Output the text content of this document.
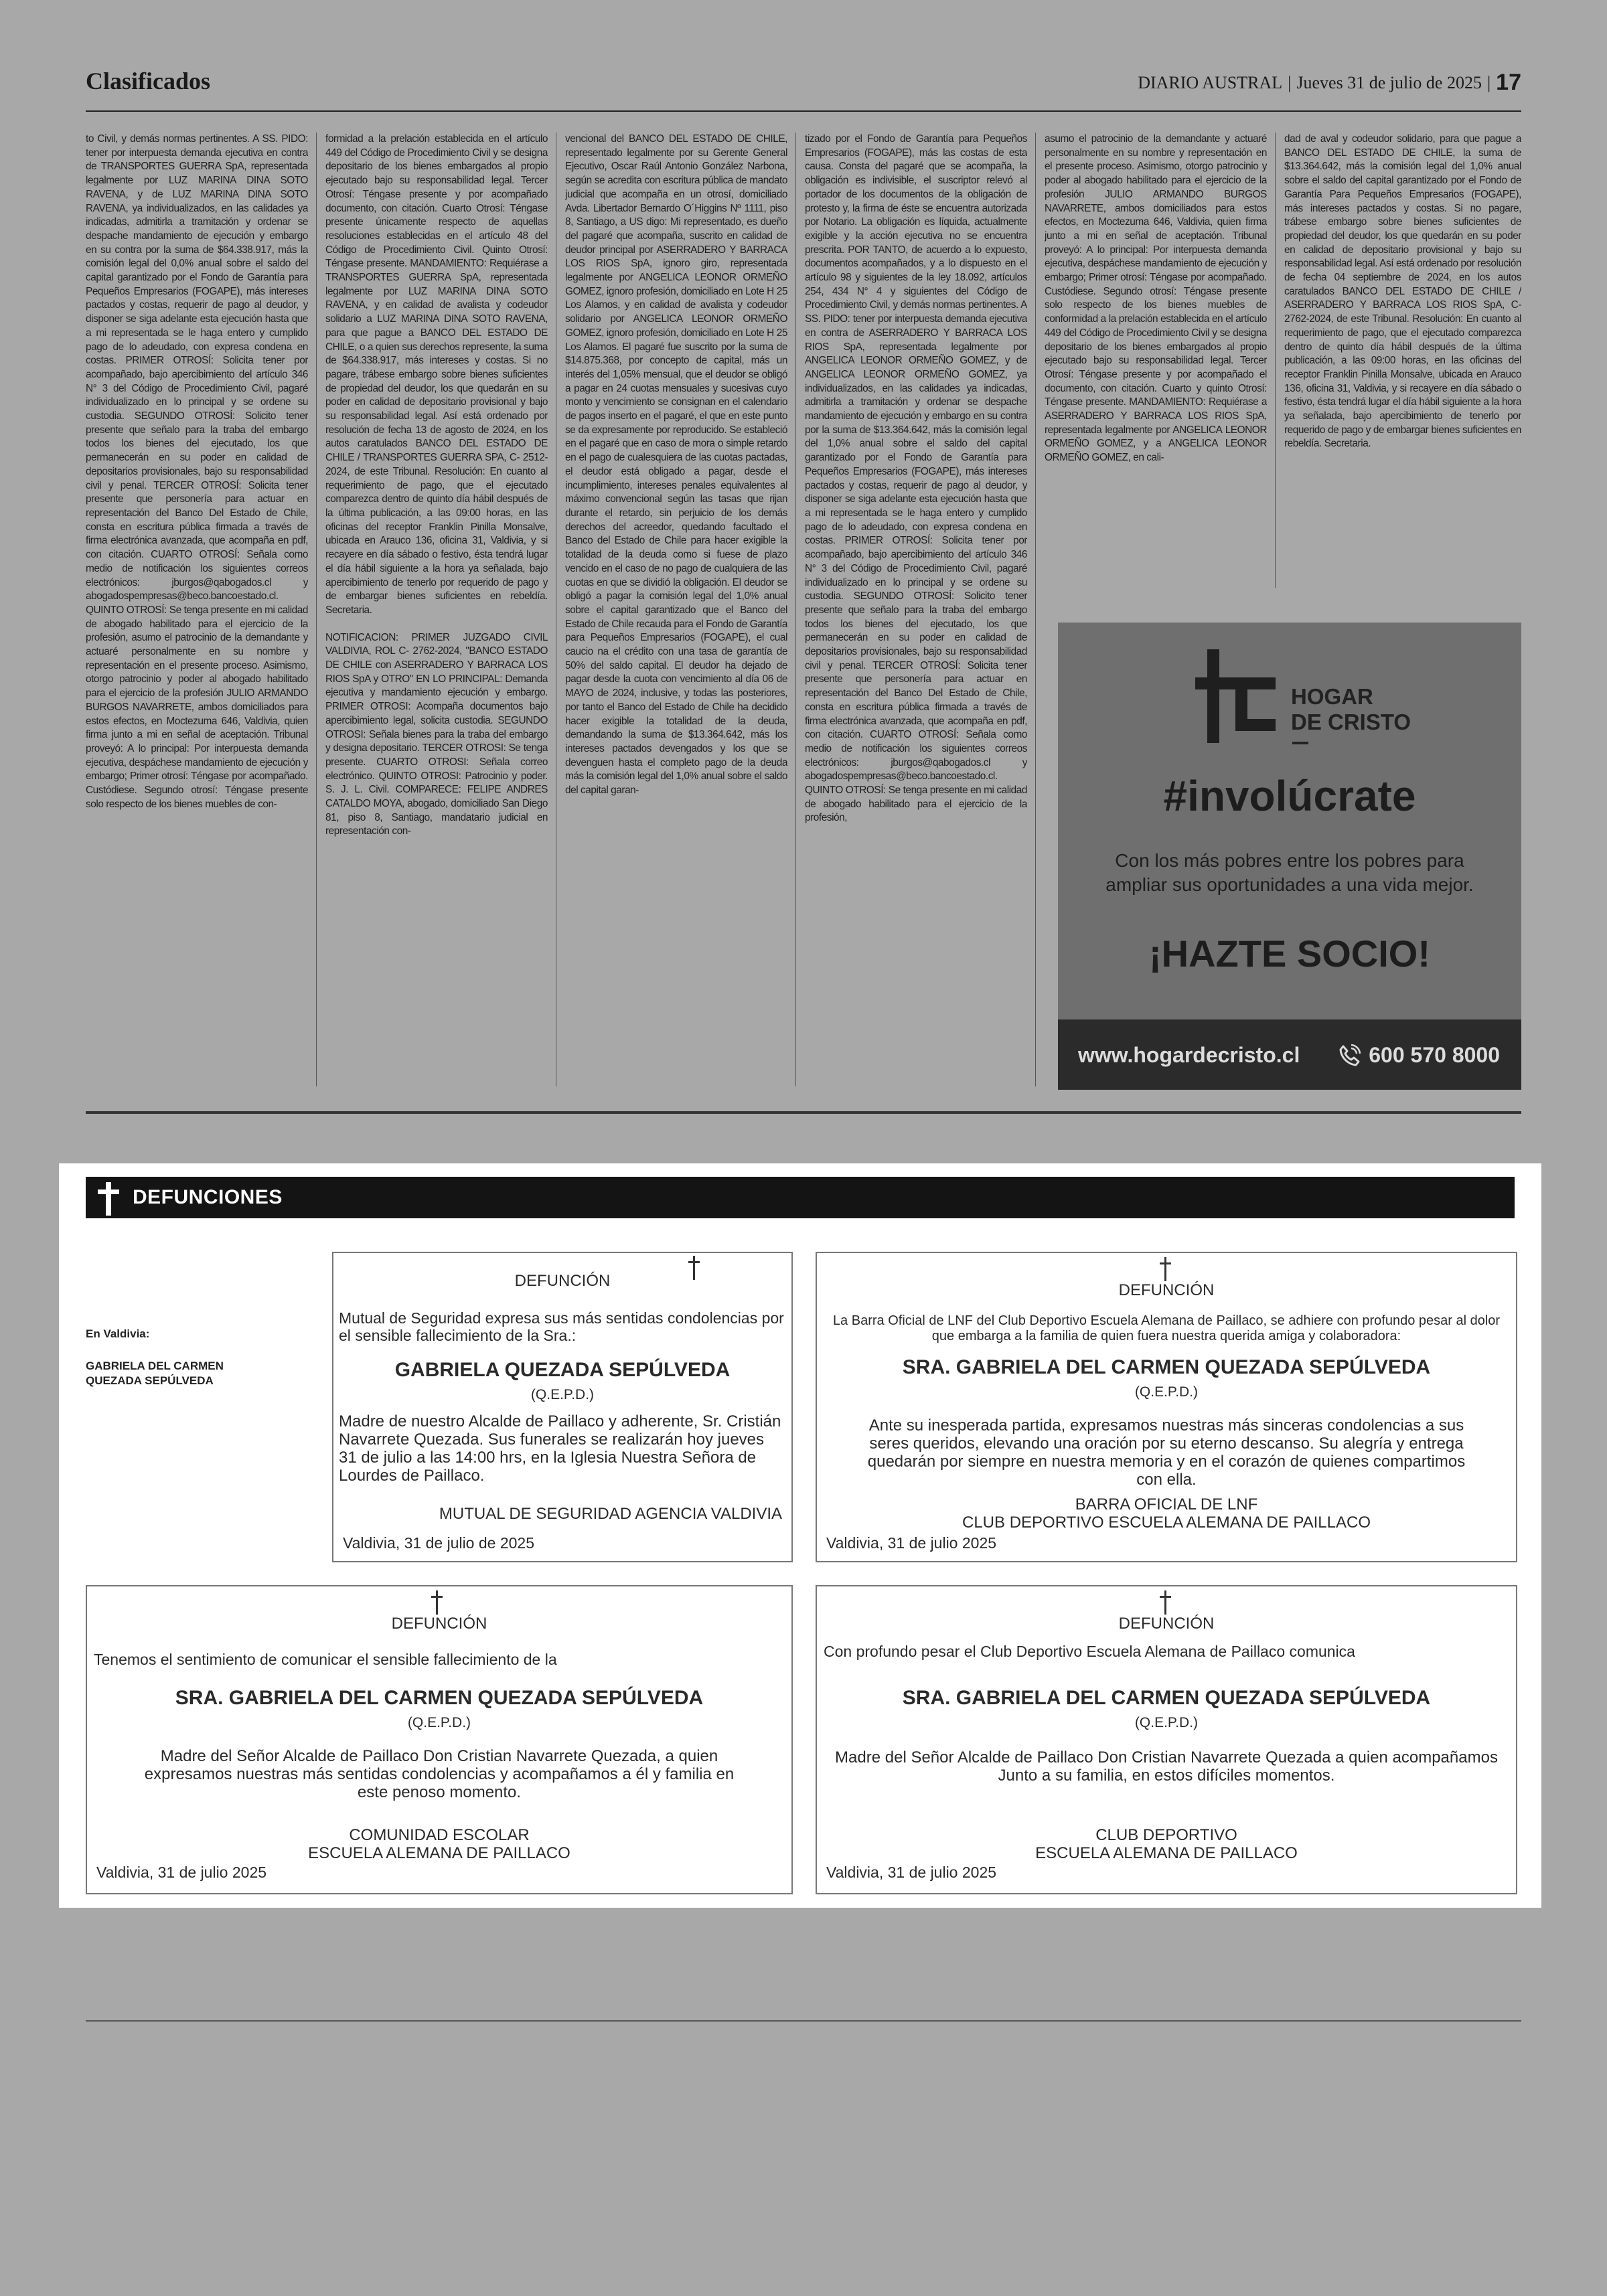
Clasificados	DIARIO AUSTRAL | Jueves 31 de julio de 2025 | 17

to Civil, y demás normas pertinentes. A SS. PIDO: tener por interpuesta demanda ejecutiva en contra de TRANSPORTES GUERRA SpA, representada legalmente por LUZ MARINA DINA SOTO RAVENA, y de LUZ MARINA DINA SOTO RAVENA, ya individualizados, en las calidades ya indicadas, admitirla a tramitación y ordenar se despache mandamiento de ejecución y embargo en su contra por la suma de $64.338.917, más la comisión legal del 0,0% anual sobre el saldo del capital garantizado por el Fondo de Garantía para Pequeños Empresarios (FOGAPE), más intereses pactados y costas, requerir de pago al deudor, y disponer se siga adelante esta ejecución hasta que a mi representada se le haga entero y cumplido pago de lo adeudado, con expresa condena en costas. PRIMER OTROSÍ: Solicita tener por acompañado, bajo apercibimiento del artículo 346 N° 3 del Código de Procedimiento Civil, pagaré individualizado en lo principal y se ordene su custodia. SEGUNDO OTROSÍ: Solicito tener presente que señalo para la traba del embargo todos los bienes del ejecutado, los que permanecerán en su poder en calidad de depositarios provisionales, bajo su responsabilidad civil y penal. TERCER OTROSÍ: Solicita tener presente que personería para actuar en representación del Banco Del Estado de Chile, consta en escritura pública firmada a través de firma electrónica avanzada, que acompaña en pdf, con citación. CUARTO OTROSÍ: Señala como medio de notificación los siguientes correos electrónicos: jburgos@qabogados.cl y abogadospempresas@beco.bancoestado.cl. QUINTO OTROSÍ: Se tenga presente en mi calidad de abogado habilitado para el ejercicio de la profesión, asumo el patrocinio de la demandante y actuaré personalmente en su nombre y representación en el presente proceso. Asimismo, otorgo patrocinio y poder al abogado habilitado para el ejercicio de la profesión JULIO ARMANDO BURGOS NAVARRETE, ambos domiciliados para estos efectos, en Moctezuma 646, Valdivia, quien firma junto a mi en señal de aceptación. Tribunal proveyó: A lo principal: Por interpuesta demanda ejecutiva, despáchese mandamiento de ejecución y embargo; Primer otrosí: Téngase por acompañado. Custódiese. Segundo otrosí: Téngase presente solo respecto de los bienes muebles de con-

formidad a la prelación establecida en el artículo 449 del Código de Procedimiento Civil y se designa depositario de los bienes embargados al propio ejecutado bajo su responsabilidad legal. Tercer Otrosí: Téngase presente y por acompañado documento, con citación. Cuarto Otrosí: Téngase presente únicamente respecto de aquellas resoluciones establecidas en el artículo 48 del Código de Procedimiento Civil. Quinto Otrosí: Téngase presente. MANDAMIENTO: Requiérase a TRANSPORTES GUERRA SpA, representada legalmente por LUZ MARINA DINA SOTO RAVENA, y en calidad de avalista y codeudor solidario a LUZ MARINA DINA SOTO RAVENA, para que pague a BANCO DEL ESTADO DE CHILE, o a quien sus derechos represente, la suma de $64.338.917, más intereses y costas. Si no pagare, trábese embargo sobre bienes suficientes de propiedad del deudor, los que quedarán en su poder en calidad de depositario provisional y bajo su responsabilidad legal. Así está ordenado por resolución de fecha 13 de agosto de 2024, en los autos caratulados BANCO DEL ESTADO DE CHILE / TRANSPORTES GUERRA SPA, C- 2512-2024, de este Tribunal. Resolución: En cuanto al requerimiento de pago, que el ejecutado comparezca dentro de quinto día hábil después de la última publicación, a las 09:00 horas, en las oficinas del receptor Franklin Pinilla Monsalve, ubicada en Arauco 136, oficina 31, Valdivia, y si recayere en día sábado o festivo, ésta tendrá lugar el día hábil siguiente a la hora ya señalada, bajo apercibimiento de tenerlo por requerido de pago y de embargar bienes suficientes en rebeldía. Secretaria.

NOTIFICACION: PRIMER JUZGADO CIVIL VALDIVIA, ROL C- 2762-2024, "BANCO ESTADO DE CHILE con ASERRADERO Y BARRACA LOS RIOS SpA y OTRO" EN LO PRINCIPAL: Demanda ejecutiva y mandamiento ejecución y embargo. PRIMER OTROSI: Acompaña documentos bajo apercibimiento legal, solicita custodia. SEGUNDO OTROSI: Señala bienes para la traba del embargo y designa depositario. TERCER OTROSI: Se tenga presente. CUARTO OTROSI: Señala correo electrónico. QUINTO OTROSI: Patrocinio y poder. S. J. L. Civil. COMPARECE: FELIPE ANDRES CATALDO MOYA, abogado, domiciliado San Diego 81, piso 8, Santiago, mandatario judicial en representación con-

vencional del BANCO DEL ESTADO DE CHILE, representado legalmente por su Gerente General Ejecutivo, Oscar Raúl Antonio González Narbona, según se acredita con escritura pública de mandato judicial que acompaña en un otrosí, domiciliado Avda. Libertador Bernardo O´Higgins Nº 1111, piso 8, Santiago, a US digo: Mi representado, es dueño del pagaré que acompaña, suscrito en calidad de deudor principal por ASERRADERO Y BARRACA LOS RIOS SpA, ignoro giro, representada legalmente por ANGELICA LEONOR ORMEÑO GOMEZ, ignoro profesión, domiciliado en Lote H 25 Los Alamos, y en calidad de avalista y codeudor solidario por ANGELICA LEONOR ORMEÑO GOMEZ, ignoro profesión, domiciliado en Lote H 25 Los Alamos. El pagaré fue suscrito por la suma de $14.875.368, por concepto de capital, más un interés del 1,05% mensual, que el deudor se obligó a pagar en 24 cuotas mensuales y sucesivas cuyo monto y vencimiento se consignan en el calendario de pagos inserto en el pagaré, el que en este punto se da expresamente por reproducido. Se estableció en el pagaré que en caso de mora o simple retardo en el pago de cualesquiera de las cuotas pactadas, el deudor está obligado a pagar, desde el incumplimiento, intereses penales equivalentes al máximo convencional según las tasas que rijan durante el retardo, sin perjuicio de los demás derechos del acreedor, quedando facultado el Banco del Estado de Chile para hacer exigible la totalidad de la deuda como si fuese de plazo vencido en el caso de no pago de cualquiera de las cuotas en que se dividió la obligación. El deudor se obligó a pagar la comisión legal del 1,0% anual sobre el capital garantizado que el Banco del Estado de Chile recauda para el Fondo de Garantía para Pequeños Empresarios (FOGAPE), el cual caucio na el crédito con una tasa de garantía de 50% del saldo capital. El deudor ha dejado de pagar desde la cuota con vencimiento al día 06 de MAYO de 2024, inclusive, y todas las posteriores, por tanto el Banco del Estado de Chile ha decidido hacer exigible la totalidad de la deuda, demandando la suma de $13.364.642, más los intereses pactados devengados y los que se devenguen hasta el completo pago de la deuda más la comisión legal del 1,0% anual sobre el saldo del capital garan-

tizado por el Fondo de Garantía para Pequeños Empresarios (FOGAPE), más las costas de esta causa. Consta del pagaré que se acompaña, la obligación es indivisible, el suscriptor relevó al portador de los documentos de la obligación de protesto y, la firma de éste se encuentra autorizada por Notario. La obligación es líquida, actualmente exigible y la acción ejecutiva no se encuentra prescrita. POR TANTO, de acuerdo a lo expuesto, documentos acompañados, y a lo dispuesto en el artículo 98 y siguientes de la ley 18.092, artículos 254, 434 N° 4 y siguientes del Código de Procedimiento Civil, y demás normas pertinentes. A SS. PIDO: tener por interpuesta demanda ejecutiva en contra de ASERRADERO Y BARRACA LOS RIOS SpA, representada legalmente por ANGELICA LEONOR ORMEÑO GOMEZ, y de ANGELICA LEONOR ORMEÑO GOMEZ, ya individualizados, en las calidades ya indicadas, admitirla a tramitación y ordenar se despache mandamiento de ejecución y embargo en su contra por la suma de $13.364.642, más la comisión legal del 1,0% anual sobre el saldo del capital garantizado por el Fondo de Garantía para Pequeños Empresarios (FOGAPE), más intereses pactados y costas, requerir de pago al deudor, y disponer se siga adelante esta ejecución hasta que a mi representada se le haga entero y cumplido pago de lo adeudado, con expresa condena en costas. PRIMER OTROSÍ: Solicita tener por acompañado, bajo apercibimiento del artículo 346 N° 3 del Código de Procedimiento Civil, pagaré individualizado en lo principal y se ordene su custodia. SEGUNDO OTROSÍ: Solicito tener presente que señalo para la traba del embargo todos los bienes del ejecutado, los que permanecerán en su poder en calidad de depositarios provisionales, bajo su responsabilidad civil y penal. TERCER OTROSÍ: Solicita tener presente que personería para actuar en representación del Banco Del Estado de Chile, consta en escritura pública firmada a través de firma electrónica avanzada, que acompaña en pdf, con citación. CUARTO OTROSÍ: Señala como medio de notificación los siguientes correos electrónicos: jburgos@qabogados.cl y abogadospempresas@beco.bancoestado.cl. QUINTO OTROSÍ: Se tenga presente en mi calidad de abogado habilitado para el ejercicio de la profesión,

asumo el patrocinio de la demandante y actuaré personalmente en su nombre y representación en el presente proceso. Asimismo, otorgo patrocinio y poder al abogado habilitado para el ejercicio de la profesión JULIO ARMANDO BURGOS NAVARRETE, ambos domiciliados para estos efectos, en Moctezuma 646, Valdivia, quien firma junto a mi en señal de aceptación. Tribunal proveyó: A lo principal: Por interpuesta demanda ejecutiva, despáchese mandamiento de ejecución y embargo; Primer otrosí: Téngase por acompañado. Custódiese. Segundo otrosí: Téngase presente solo respecto de los bienes muebles de conformidad a la prelación establecida en el artículo 449 del Código de Procedimiento Civil y se designa depositario de los bienes embargados al propio ejecutado bajo su responsabilidad legal. Tercer Otrosí: Téngase presente y por acompañado el documento, con citación. Cuarto y quinto Otrosí: Téngase presente. MANDAMIENTO: Requiérase a ASERRADERO Y BARRACA LOS RIOS SpA, representada legalmente por ANGELICA LEONOR ORMEÑO GOMEZ, y a ANGELICA LEONOR ORMEÑO GOMEZ, en cali-

dad de aval y codeudor solidario, para que pague a BANCO DEL ESTADO DE CHILE, la suma de $13.364.642, más la comisión legal del 1,0% anual sobre el saldo del capital garantizado por el Fondo de Garantía Para Pequeños Empresarios (FOGAPE), más intereses pactados y costas. Si no pagare, trábese embargo sobre bienes suficientes de propiedad del deudor, los que quedarán en su poder en calidad de depositario provisional y bajo su responsabilidad legal. Así está ordenado por resolución de fecha 04 septiembre de 2024, en los autos caratulados BANCO DEL ESTADO DE CHILE / ASERRADERO Y BARRACA LOS RIOS SpA, C-2762-2024, de este Tribunal. Resolución: En cuanto al requerimiento de pago, que el ejecutado comparezca dentro de quinto día hábil después de la última publicación, a las 09:00 horas, en las oficinas del receptor Franklin Pinilla Monsalve, ubicada en Arauco 136, oficina 31, Valdivia, y si recayere en día sábado o festivo, ésta tendrá lugar el día hábil siguiente a la hora ya señalada, bajo apercibimiento de tenerlo por requerido de pago y de embargar bienes suficientes en rebeldía. Secretaria.

HOGAR
DE CRISTO
#involúcrate
Con los más pobres entre los pobres para ampliar sus oportunidades a una vida mejor.
¡HAZTE SOCIO!
www.hogardecristo.cl	600 570 8000
DEFUNCIONES
En Valdivia:
GABRIELA DEL CARMEN
QUEZADA SEPÚLVEDA
DEFUNCIÓN
Mutual de Seguridad expresa sus más sentidas condolencias por el sensible fallecimiento de la Sra.:
GABRIELA QUEZADA SEPÚLVEDA
(Q.E.P.D.)
Madre de nuestro Alcalde de Paillaco y adherente, Sr. Cristián Navarrete Quezada. Sus funerales se realizarán hoy jueves 31 de julio a las 14:00 hrs, en la Iglesia Nuestra Señora de Lourdes de Paillaco.
MUTUAL DE SEGURIDAD AGENCIA VALDIVIA
Valdivia, 31 de julio de 2025
DEFUNCIÓN
La Barra Oficial de LNF del Club Deportivo Escuela Alemana de Paillaco, se adhiere con profundo pesar al dolor que embarga a la familia de quien fuera nuestra querida amiga y colaboradora:
SRA. GABRIELA DEL CARMEN QUEZADA SEPÚLVEDA
(Q.E.P.D.)
Ante su inesperada partida, expresamos nuestras más sinceras condolencias a sus seres queridos, elevando una oración por su eterno descanso. Su alegría y entrega quedarán por siempre en nuestra memoria y en el corazón de quienes compartimos con ella.
BARRA OFICIAL DE LNF
CLUB DEPORTIVO ESCUELA ALEMANA DE PAILLACO
Valdivia, 31 de julio 2025
DEFUNCIÓN
Tenemos el sentimiento de comunicar el sensible fallecimiento de la
SRA. GABRIELA DEL CARMEN QUEZADA SEPÚLVEDA
(Q.E.P.D.)
Madre del Señor Alcalde de Paillaco Don Cristian Navarrete Quezada, a quien expresamos nuestras más sentidas condolencias y acompañamos a él y familia en este penoso momento.
COMUNIDAD ESCOLAR
ESCUELA ALEMANA DE PAILLACO
Valdivia, 31 de julio 2025
DEFUNCIÓN
Con profundo pesar el Club Deportivo Escuela Alemana de Paillaco comunica
SRA. GABRIELA DEL CARMEN QUEZADA SEPÚLVEDA
(Q.E.P.D.)
Madre del Señor Alcalde de Paillaco Don Cristian Navarrete Quezada a quien acompañamos Junto a su familia, en estos difíciles momentos.
CLUB DEPORTIVO
ESCUELA ALEMANA DE PAILLACO
Valdivia, 31 de julio 2025
